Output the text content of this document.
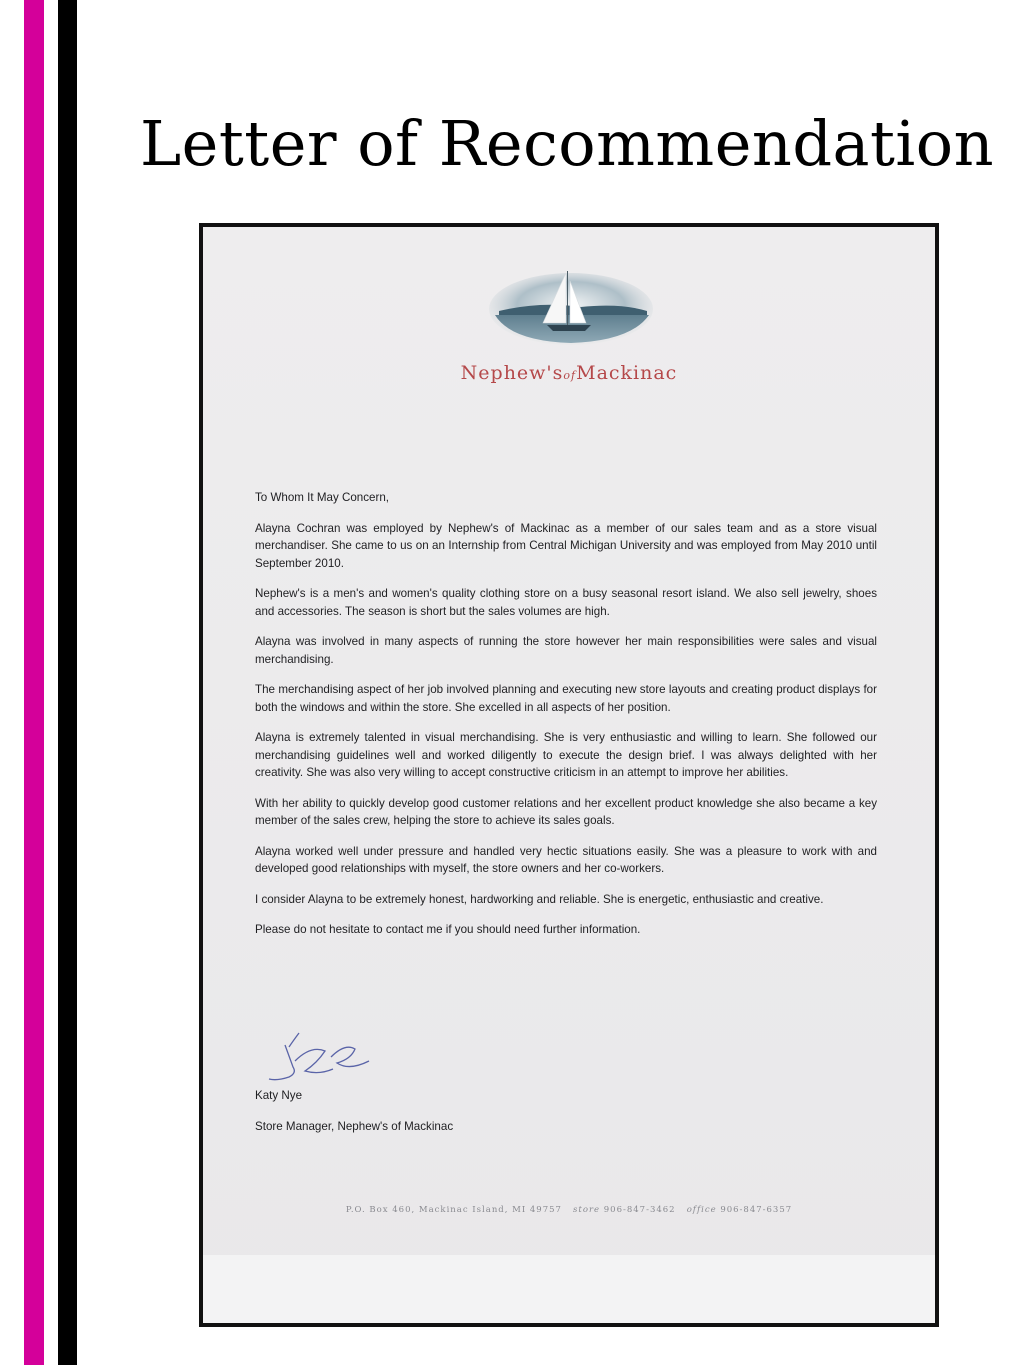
Letter of Recommendation
Nephew'sofMackinac

To Whom It May Concern,

Alayna Cochran was employed by Nephew's of Mackinac as a member of our sales team and as a store visual merchandiser. She came to us on an Internship from Central Michigan University and was employed from May 2010 until September 2010.

Nephew's is a men's and women's quality clothing store on a busy seasonal resort island. We also sell jewelry, shoes and accessories. The season is short but the sales volumes are high.

Alayna was involved in many aspects of running the store however her main responsibilities were sales and visual merchandising.

The merchandising aspect of her job involved planning and executing new store layouts and creating product displays for both the windows and within the store. She excelled in all aspects of her position.

Alayna is extremely talented in visual merchandising. She is very enthusiastic and willing to learn. She followed our merchandising guidelines well and worked diligently to execute the design brief. I was always delighted with her creativity. She was also very willing to accept constructive criticism in an attempt to improve her abilities.

With her ability to quickly develop good customer relations and her excellent product knowledge she also became a key member of the sales crew, helping the store to achieve its sales goals.

Alayna worked well under pressure and handled very hectic situations easily. She was a pleasure to work with and developed good relationships with myself, the store owners and her co-workers.

I consider Alayna to be extremely honest, hardworking and reliable. She is energetic, enthusiastic and creative.

Please do not hesitate to contact me if you should need further information.

Katy Nye
Store Manager, Nephew's of Mackinac
P.O. Box 460, Mackinac Island, MI 49757 store 906-847-3462 office 906-847-6357
